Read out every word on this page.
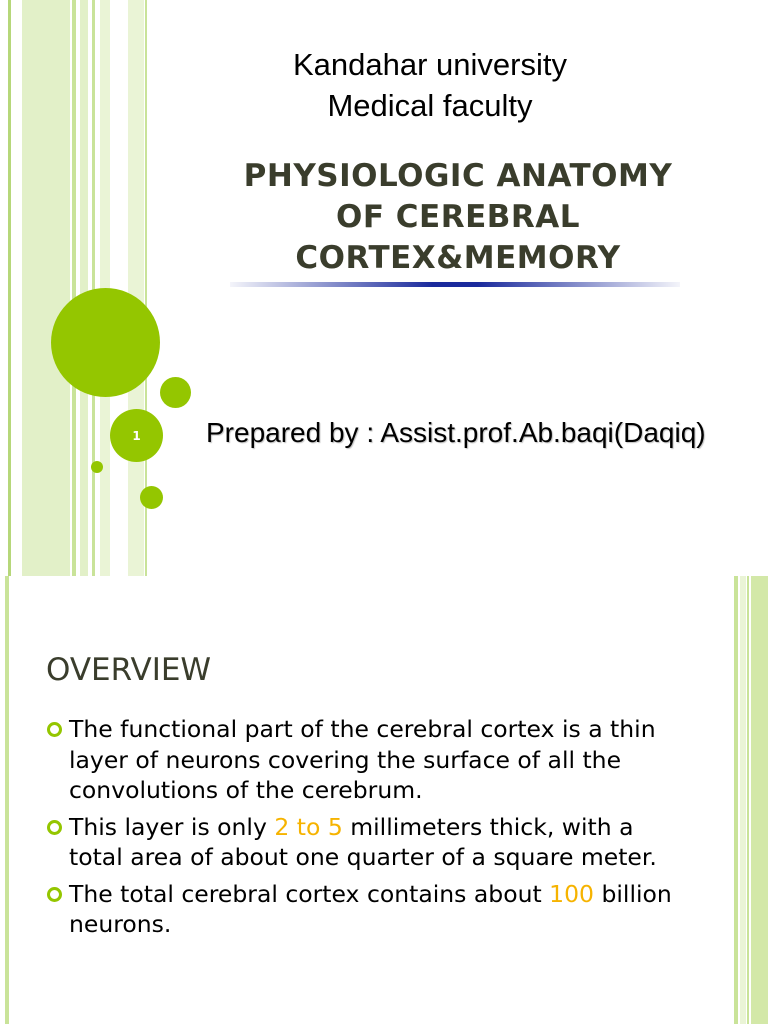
Kandahar university
Medical faculty
PHYSIOLOGIC ANATOMY
OF CEREBRAL
CORTEX&MEMORY
1	Prepared by : Assist.prof.Ab.baqi(Daqiq)
OVERVIEW
The functional part of the cerebral cortex is a thin layer of neurons covering the surface of all the convolutions of the cerebrum.
This layer is only 2 to 5 millimeters thick, with a total area of about one quarter of a square meter.
The total cerebral cortex contains about 100 billion neurons.
